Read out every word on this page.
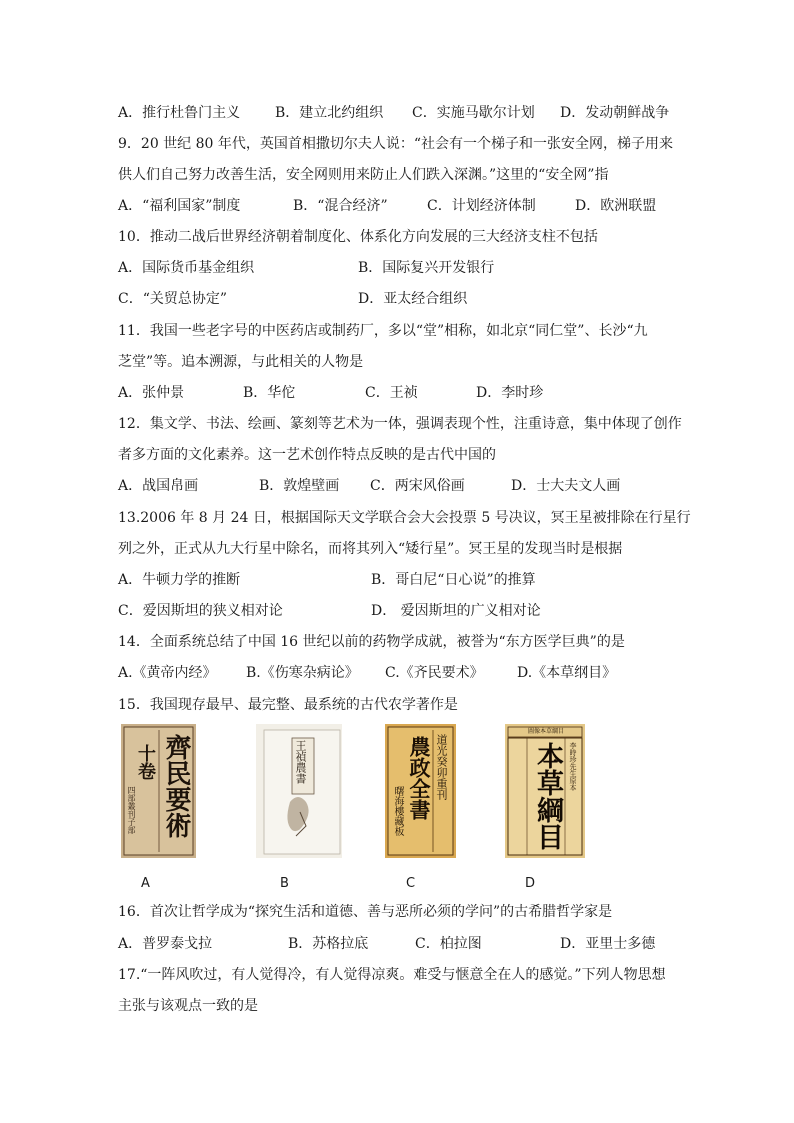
A．推行杜鲁门主义 B．建立北约组织 C．实施马歇尔计划 D．发动朝鲜战争
9．20 世纪 80 年代，英国首相撒切尔夫人说：“社会有一个梯子和一张安全网，梯子用来
供人们自己努力改善生活，安全网则用来防止人们跌入深渊。”这里的“安全网”指
A．“福利国家”制度	B．“混合经济”	C．计划经济体制	D．欧洲联盟
10．推动二战后世界经济朝着制度化、体系化方向发展的三大经济支柱不包括
A．国际货币基金组织	B．国际复兴开发银行
C．“关贸总协定”	D．亚太经合组织
11．我国一些老字号的中医药店或制药厂，多以“堂”相称，如北京“同仁堂”、长沙“九
芝堂”等。追本溯源，与此相关的人物是
A．张仲景	B．华佗	C．王祯	D．李时珍
12．集文学、书法、绘画、篆刻等艺术为一体，强调表现个性，注重诗意，集中体现了创作
者多方面的文化素养。这一艺术创作特点反映的是古代中国的
A．战国帛画	B．敦煌壁画 C．两宋风俗画	D．士大夫文人画
13.2006 年 8 月 24 日，根据国际天文学联合会大会投票 5 号决议，冥王星被排除在行星行
列之外，正式从九大行星中除名，而将其列入“矮行星”。冥王星的发现当时是根据
A．牛顿力学的推断	B．哥白尼“日心说”的推算
C．爱因斯坦的狭义相对论	D． 爱因斯坦的广义相对论
14．全面系统总结了中国 16 世纪以前的药物学成就，被誉为“东方医学巨典”的是
A.《黄帝内经》 B.《伤寒杂病论》 C.《齐民要术》 D.《本草纲目》
15．我国现存最早、最完整、最系统的古代农学著作是
齊民要術
十卷
四部叢刊子部
王禎農書	農政全書 道光癸卯重刊
曙海樓藏板
圖像本草綱目
本草綱目 李時珍先生原本
A	B	C	D
16．首次让哲学成为“探究生活和道德、善与恶所必须的学问”的古希腊哲学家是
A．普罗泰戈拉	B．苏格拉底	C．柏拉图	D．亚里士多德
17.“一阵风吹过，有人觉得冷，有人觉得凉爽。难受与惬意全在人的感觉。”下列人物思想
主张与该观点一致的是
